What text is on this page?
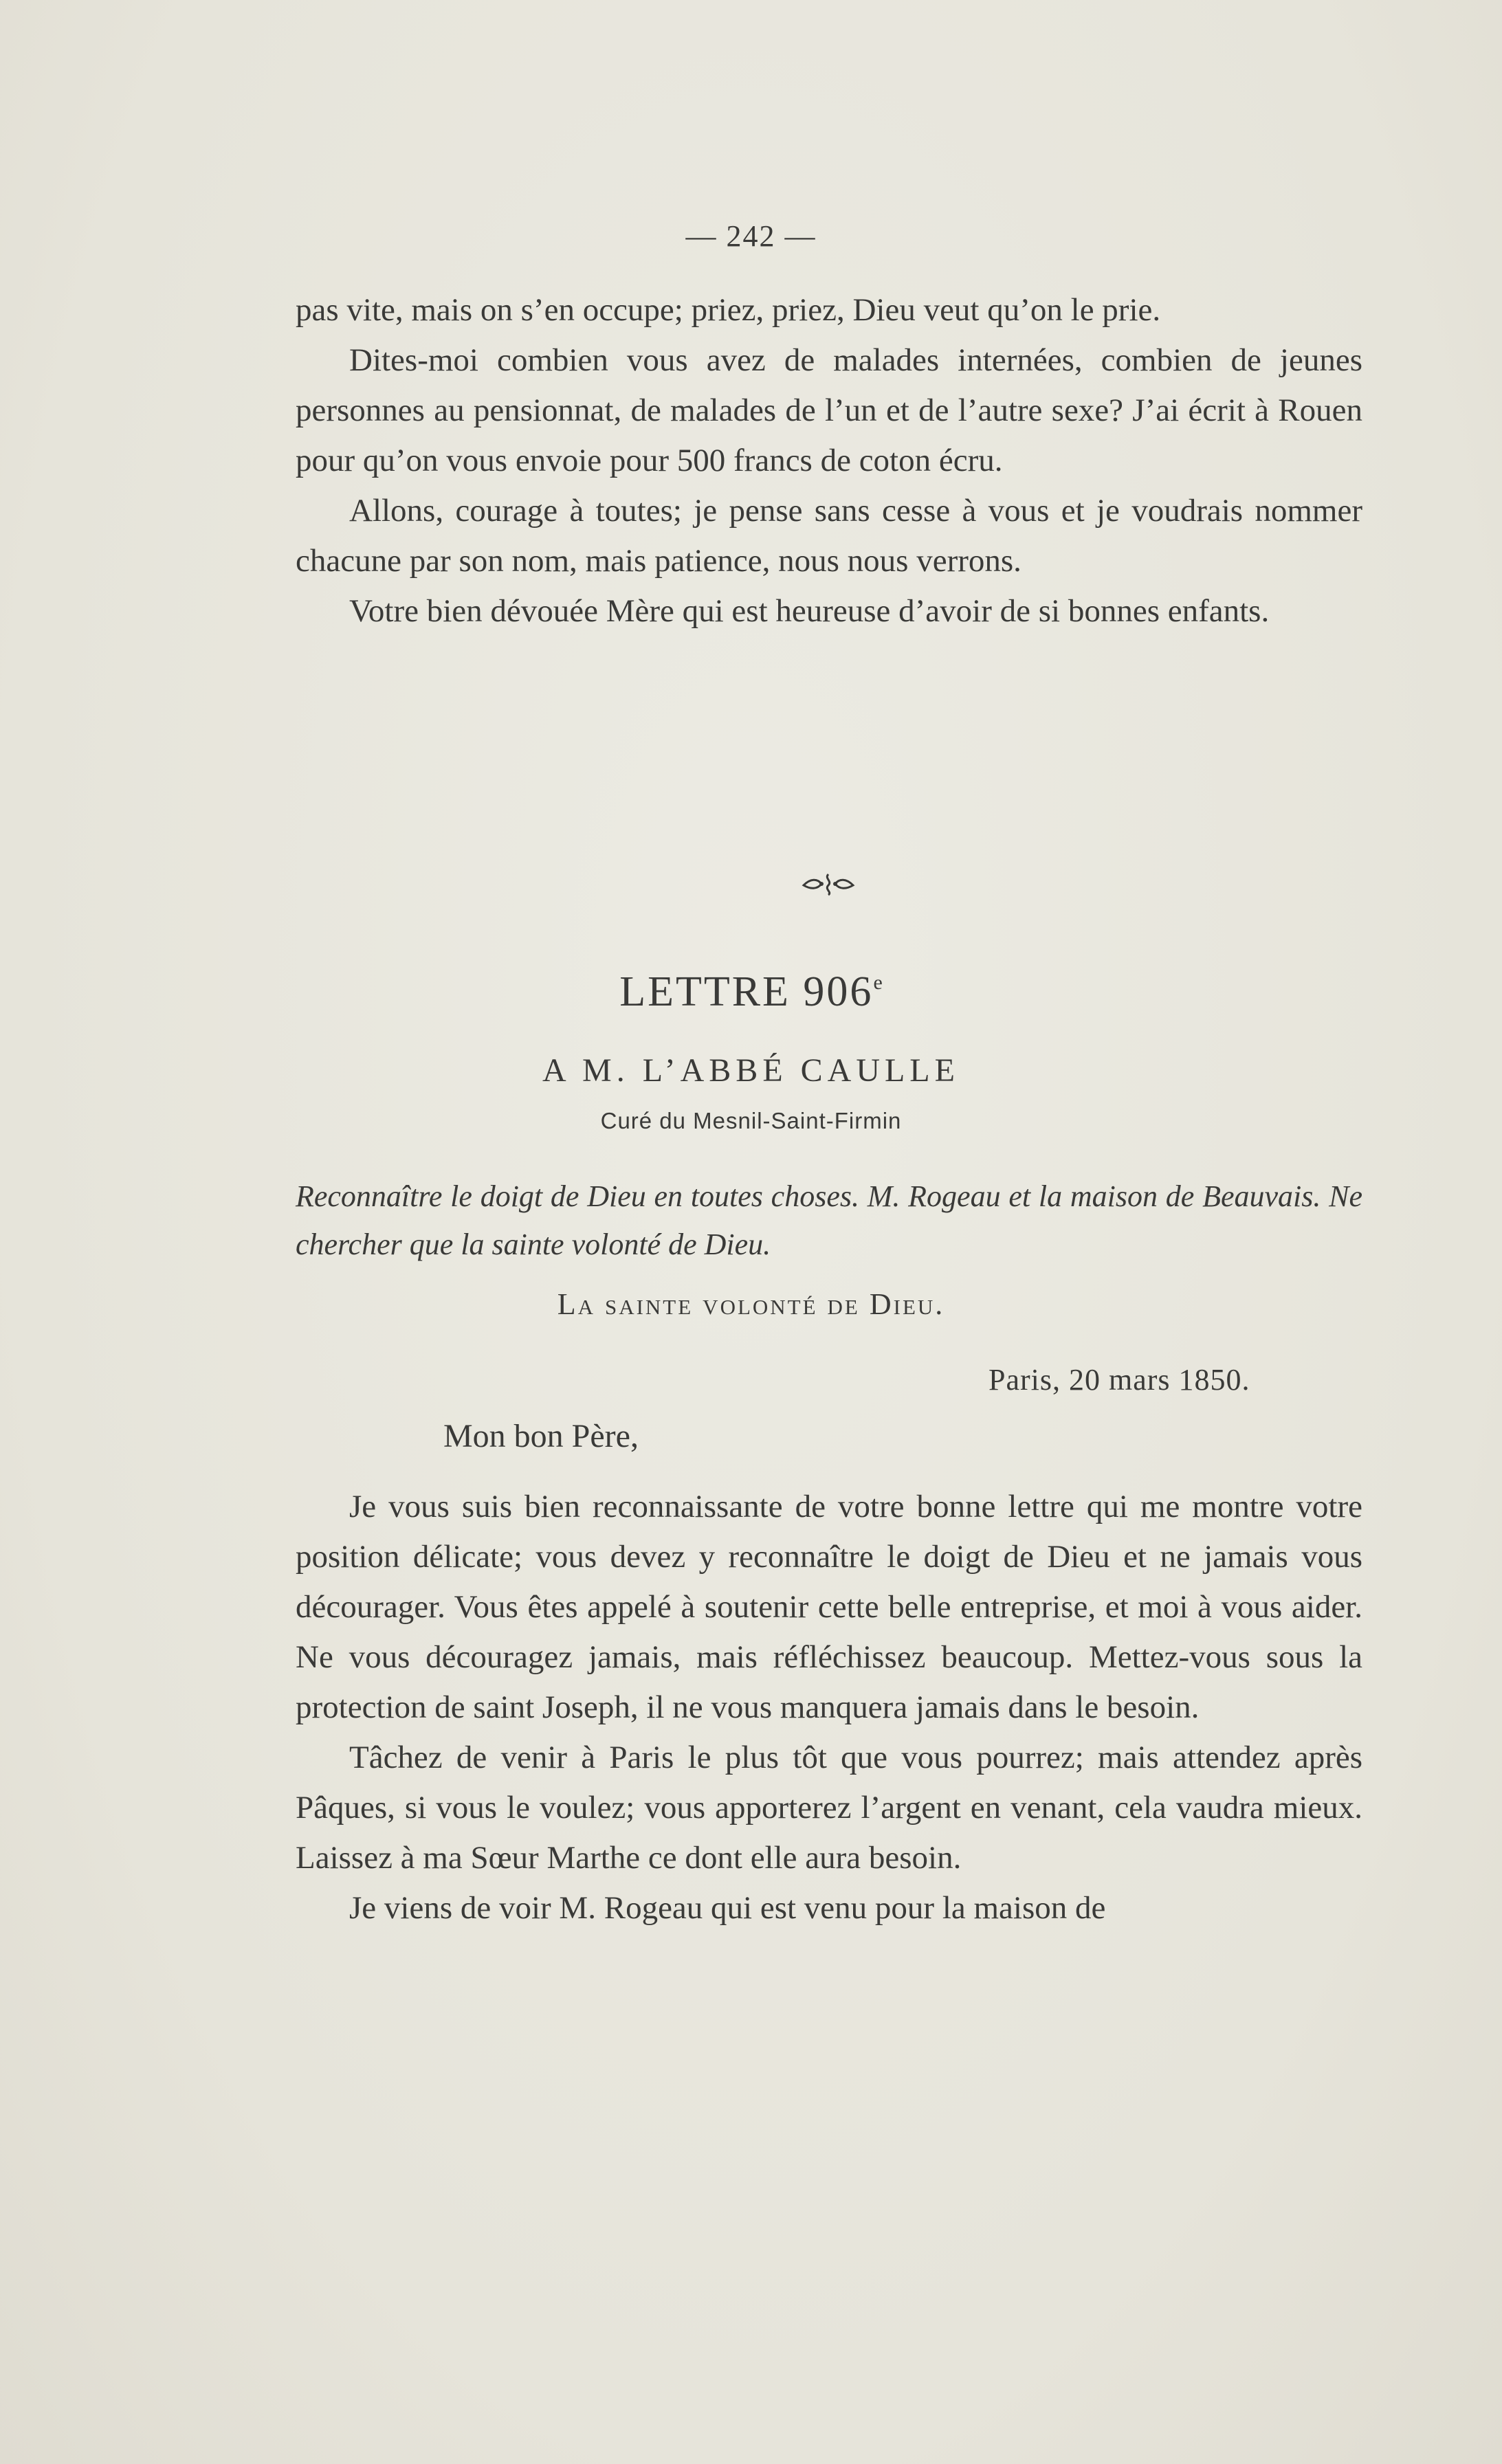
— 242 —

pas vite, mais on s’en occupe; priez, priez, Dieu veut qu’on le prie.

Dites-moi combien vous avez de malades internées, combien de jeunes personnes au pensionnat, de malades de l’un et de l’autre sexe? J’ai écrit à Rouen pour qu’on vous envoie pour 500 francs de coton écru.

Allons, courage à toutes; je pense sans cesse à vous et je voudrais nommer chacune par son nom, mais patience, nous nous verrons.

Votre bien dévouée Mère qui est heureuse d’avoir de si bonnes enfants.

LETTRE 906e
A M. L’ABBÉ CAULLE
Curé du Mesnil-Saint-Firmin
Reconnaître le doigt de Dieu en toutes choses. M. Rogeau et la maison de Beauvais. Ne chercher que la sainte volonté de Dieu.
La sainte volonté de Dieu.
Paris, 20 mars 1850.
Mon bon Père,

Je vous suis bien reconnaissante de votre bonne lettre qui me montre votre position délicate; vous devez y reconnaître le doigt de Dieu et ne jamais vous décourager. Vous êtes appelé à soutenir cette belle entreprise, et moi à vous aider. Ne vous découragez jamais, mais réfléchissez beaucoup. Mettez-vous sous la protection de saint Joseph, il ne vous manquera jamais dans le besoin.

Tâchez de venir à Paris le plus tôt que vous pourrez; mais attendez après Pâques, si vous le voulez; vous apporterez l’argent en venant, cela vaudra mieux. Laissez à ma Sœur Marthe ce dont elle aura besoin.

Je viens de voir M. Rogeau qui est venu pour la maison de
